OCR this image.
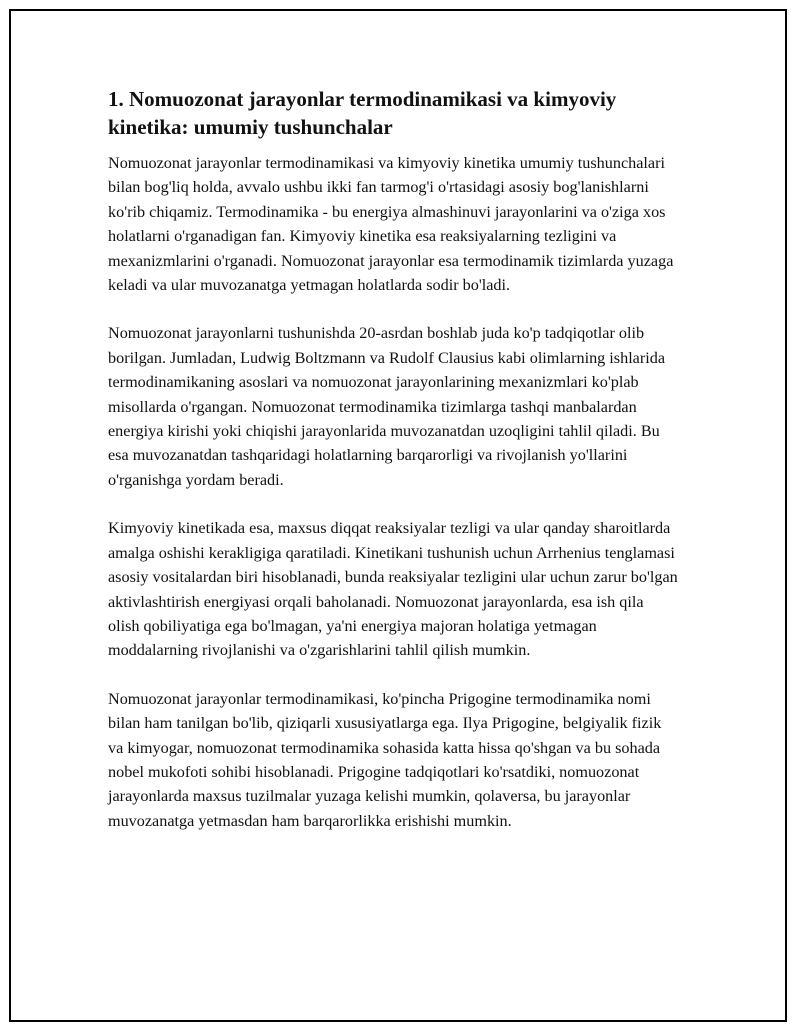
1. Nomuozonat jarayonlar termodinamikasi va kimyoviy kinetika: umumiy tushunchalar

Nomuozonat jarayonlar termodinamikasi va kimyoviy kinetika umumiy tushunchalari bilan bog'liq holda, avvalo ushbu ikki fan tarmog'i o'rtasidagi asosiy bog'lanishlarni ko'rib chiqamiz. Termodinamika - bu energiya almashinuvi jarayonlarini va o'ziga xos holatlarni o'rganadigan fan. Kimyoviy kinetika esa reaksiyalarning tezligini va mexanizmlarini o'rganadi. Nomuozonat jarayonlar esa termodinamik tizimlarda yuzaga keladi va ular muvozanatga yetmagan holatlarda sodir bo'ladi.

Nomuozonat jarayonlarni tushunishda 20-asrdan boshlab juda ko'p tadqiqotlar olib borilgan. Jumladan, Ludwig Boltzmann va Rudolf Clausius kabi olimlarning ishlarida termodinamikaning asoslari va nomuozonat jarayonlarining mexanizmlari ko'plab misollarda o'rgangan. Nomuozonat termodinamika tizimlarga tashqi manbalardan energiya kirishi yoki chiqishi jarayonlarida muvozanatdan uzoqligini tahlil qiladi. Bu esa muvozanatdan tashqaridagi holatlarning barqarorligi va rivojlanish yo'llarini o'rganishga yordam beradi.

Kimyoviy kinetikada esa, maxsus diqqat reaksiyalar tezligi va ular qanday sharoitlarda amalga oshishi kerakligiga qaratiladi. Kinetikani tushunish uchun Arrhenius tenglamasi asosiy vositalardan biri hisoblanadi, bunda reaksiyalar tezligini ular uchun zarur bo'lgan aktivlashtirish energiyasi orqali baholanadi. Nomuozonat jarayonlarda, esa ish qila olish qobiliyatiga ega bo'lmagan, ya'ni energiya majoran holatiga yetmagan moddalarning rivojlanishi va o'zgarishlarini tahlil qilish mumkin.

Nomuozonat jarayonlar termodinamikasi, ko'pincha Prigogine termodinamika nomi bilan ham tanilgan bo'lib, qiziqarli xususiyatlarga ega. Ilya Prigogine, belgiyalik fizik va kimyogar, nomuozonat termodinamika sohasida katta hissa qo'shgan va bu sohada nobel mukofoti sohibi hisoblanadi. Prigogine tadqiqotlari ko'rsatdiki, nomuozonat jarayonlarda maxsus tuzilmalar yuzaga kelishi mumkin, qolaversa, bu jarayonlar muvozanatga yetmasdan ham barqarorlikka erishishi mumkin.
